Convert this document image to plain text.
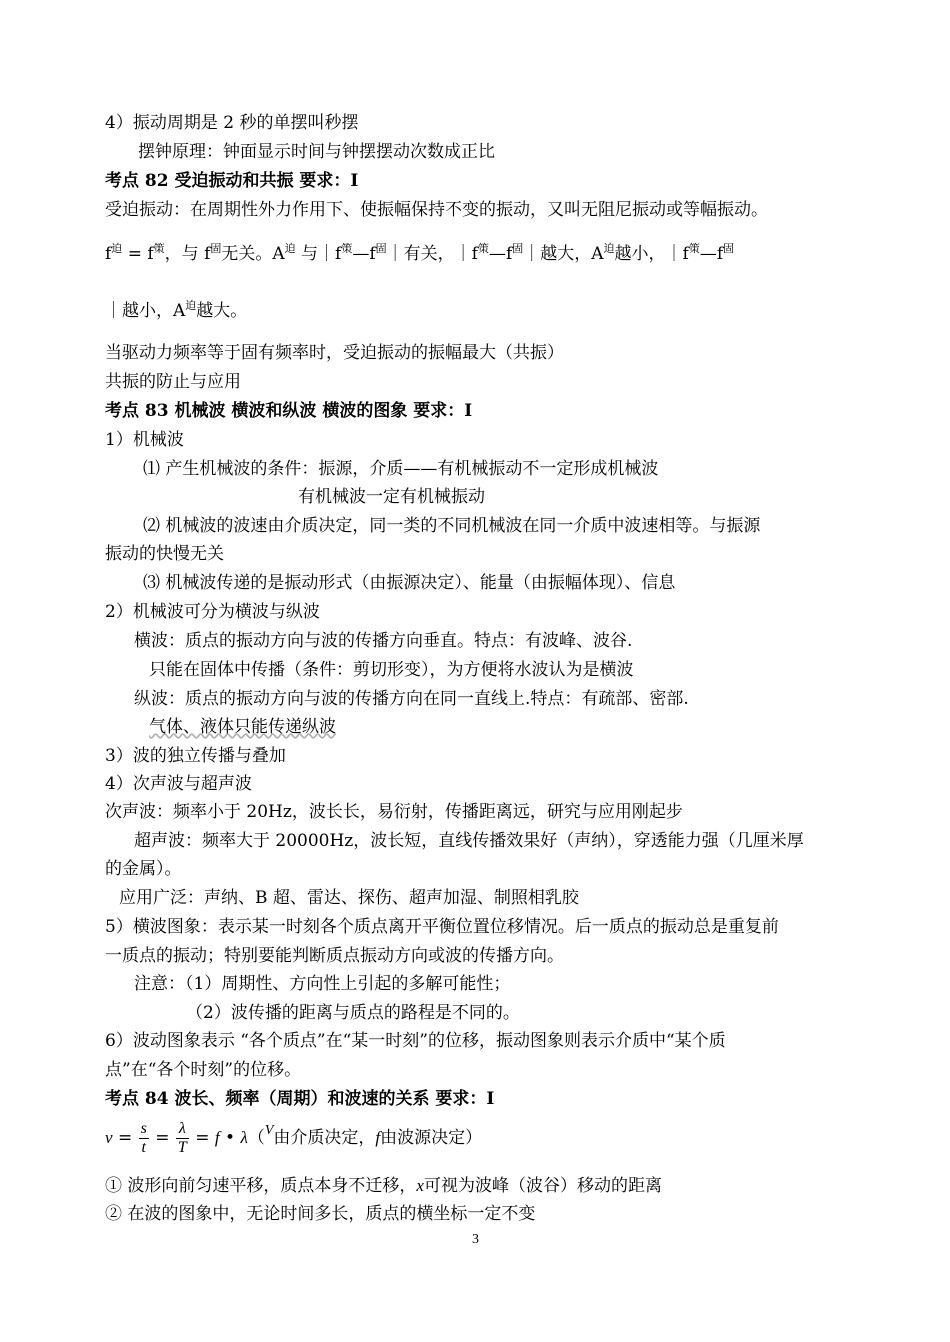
4）振动周期是 2 秒的单摆叫秒摆
摆钟原理：钟面显示时间与钟摆摆动次数成正比
考点 82 受迫振动和共振 要求：Ⅰ
受迫振动：在周期性外力作用下、使振幅保持不变的振动，又叫无阻尼振动或等幅振动。
$f^迫 = f^策$，与 $f^固$无关。$A^迫$ 与$|f^策—f^固|$有关，$|f^策—f^固|$越大，$A^迫$越小，$|f^策—f^固$
｜越小，$A^迫$越大。
当驱动力频率等于固有频率时，受迫振动的振幅最大（共振）
共振的防止与应用
考点 83 机械波 横波和纵波 横波的图象 要求：Ⅰ
1）机械波
⑴ 产生机械波的条件：振源，介质——有机械振动不一定形成机械波
有机械波一定有机械振动
⑵ 机械波的波速由介质决定，同一类的不同机械波在同一介质中波速相等。与振源
振动的快慢无关
⑶ 机械波传递的是振动形式（由振源决定）、能量（由振幅体现）、信息
2）机械波可分为横波与纵波
横波：质点的振动方向与波的传播方向垂直。特点：有波峰、波谷.
只能在固体中传播（条件：剪切形变），为方便将水波认为是横波
纵波：质点的振动方向与波的传播方向在同一直线上.特点：有疏部、密部.
气体、液体只能传递纵波
3）波的独立传播与叠加
4）次声波与超声波
次声波：频率小于 20Hz，波长长，易衍射，传播距离远，研究与应用刚起步
超声波：频率大于 20000Hz，波长短，直线传播效果好（声纳），穿透能力强（几厘米厚
的金属）。
应用广泛：声纳、B 超、雷达、探伤、超声加湿、制照相乳胶
5）横波图象：表示某一时刻各个质点离开平衡位置位移情况。后一质点的振动总是重复前
一质点的振动；特别要能判断质点振动方向或波的传播方向。
注意：（1）周期性、方向性上引起的多解可能性；
（2）波传播的距离与质点的路程是不同的。
6）波动图象表示 “各个质点”在“某一时刻”的位移，振动图象则表示介质中“某个质
点”在“各个时刻”的位移。
考点 84 波长、频率（周期）和波速的关系 要求：Ⅰ
$v = \frac{s}{t} = \frac{\lambda}{T} = f$ • λ（$^V$由介质决定，f由波源决定）
① 波形向前匀速平移，质点本身不迁移，x可视为波峰（波谷）移动的距离
② 在波的图象中，无论时间多长，质点的横坐标一定不变
3
